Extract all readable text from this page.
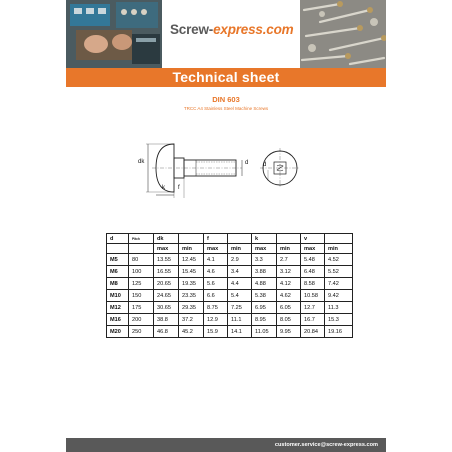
Screw-express.com
Technical sheet
DIN 603
TRCC A4 Stainless Steel Machine Screws
dk	d
k f
d
d	Pitch	dk		f		k		v	
		max	min	max	min	max	min	max	min
M5	80	13.55	12.45	4.1	2.9	3.3	2.7	5.48	4.52
M6	100	16.55	15.45	4.6	3.4	3.88	3.12	6.48	5.52
M8	125	20.65	19.35	5.6	4.4	4.88	4.12	8.58	7.42
M10	150	24.65	23.35	6.6	5.4	5.38	4.62	10.58	9.42
M12	175	30.65	29.35	8.75	7.25	6.95	6.05	12.7	11.3
M16	200	38.8	37.2	12.9	11.1	8.95	8.05	16.7	15.3
M20	250	46.8	45.2	15.9	14.1	11.05	9.95	20.84	19.16
customer.service@screw-express.com
